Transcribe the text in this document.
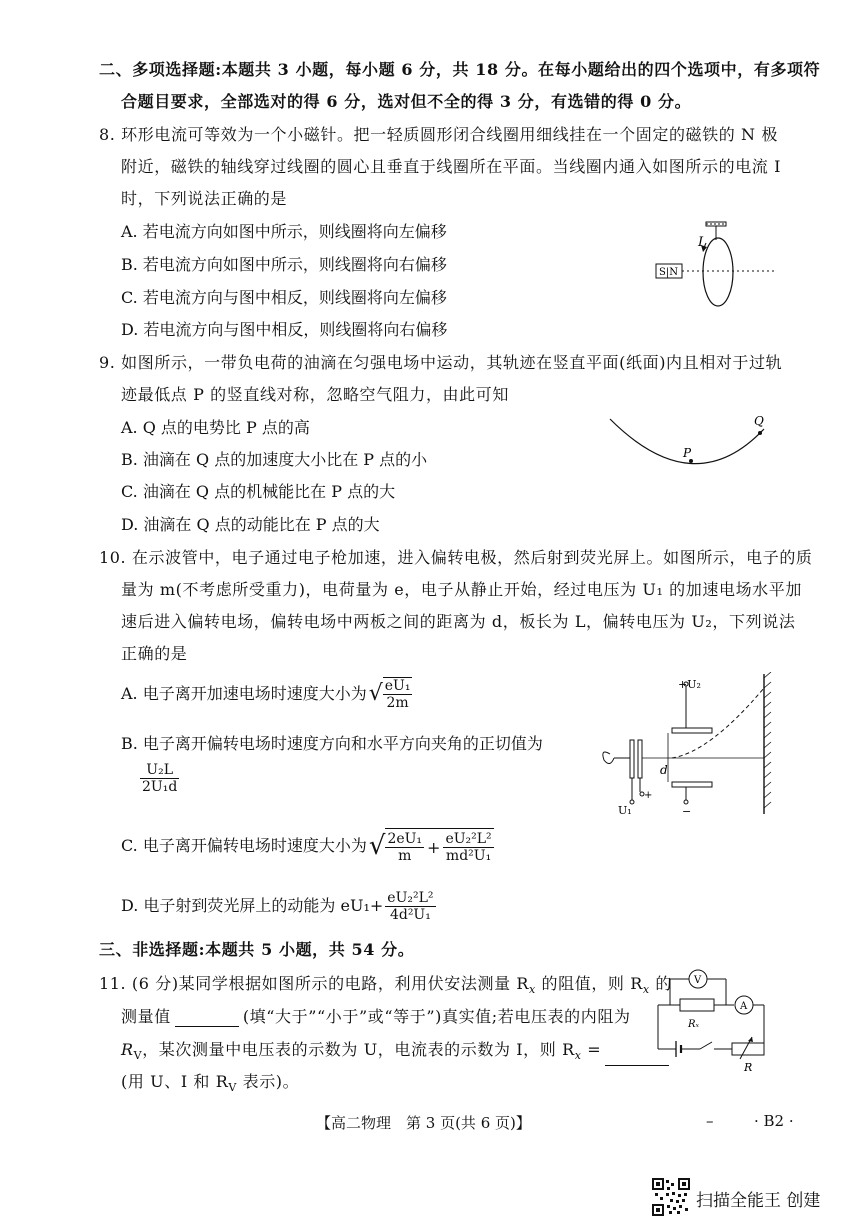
二、多项选择题:本题共 3 小题，每小题 6 分，共 18 分。在每小题给出的四个选项中，有多项符
合题目要求，全部选对的得 6 分，选对但不全的得 3 分，有选错的得 0 分。
8. 环形电流可等效为一个小磁针。把一轻质圆形闭合线圈用细线挂在一个固定的磁铁的 N 极
附近，磁铁的轴线穿过线圈的圆心且垂直于线圈所在平面。当线圈内通入如图所示的电流 I
时，下列说法正确的是
A. 若电流方向如图中所示，则线圈将向左偏移
B. 若电流方向如图中所示，则线圈将向右偏移
C. 若电流方向与图中相反，则线圈将向左偏移
D. 若电流方向与图中相反，则线圈将向右偏移
I
S|N
9. 如图所示，一带负电荷的油滴在匀强电场中运动，其轨迹在竖直平面(纸面)内且相对于过轨
迹最低点 P 的竖直线对称，忽略空气阻力，由此可知
A. Q 点的电势比 P 点的高
B. 油滴在 Q 点的加速度大小比在 P 点的小
C. 油滴在 Q 点的机械能比在 P 点的大
D. 油滴在 Q 点的动能比在 P 点的大
P
Q
10. 在示波管中，电子通过电子枪加速，进入偏转电极，然后射到荧光屏上。如图所示，电子的质
量为 m(不考虑所受重力)，电荷量为 e，电子从静止开始，经过电压为 U₁ 的加速电场水平加
速后进入偏转电场，偏转电场中两板之间的距离为 d，板长为 L，偏转电压为 U₂，下列说法
正确的是
A. 电子离开加速电场时速度大小为 √ $\frac{\text{eU₁}}{2m}$
B. 电子离开偏转电场时速度方向和水平方向夹角的正切值为
$\frac{\text{U₂L}}{\text{2U₁d}}$
C. 电子离开偏转电场时速度大小为 √ $\frac{\text{2eU₁}}{m} + \frac{\text{eU₂²L²}}{\text{md²U₁}}$
D. 电子射到荧光屏上的动能为 $eU_1+ \frac{\text{eU₂²L²}}{\text{4d²U₁}}$
U₁
+
+U₂
−
d
三、非选择题:本题共 5 小题，共 54 分。
11. (6 分)某同学根据如图所示的电路，利用伏安法测量 $R_x$ 的阻值，则 $R_x$ 的
测量值	(填“大于”“小于”或“等于”)真实值;若电压表的内阻为
$R_V$，某次测量中电压表的示数为 U，电流表的示数为 I，则 $R_x$ =
(用 U、I 和 $R_V$ 表示)。
V
Rₓ
A
R
【高二物理　第 3 页(共 6 页)】	–	· B2 ·
扫描全能王 创建
